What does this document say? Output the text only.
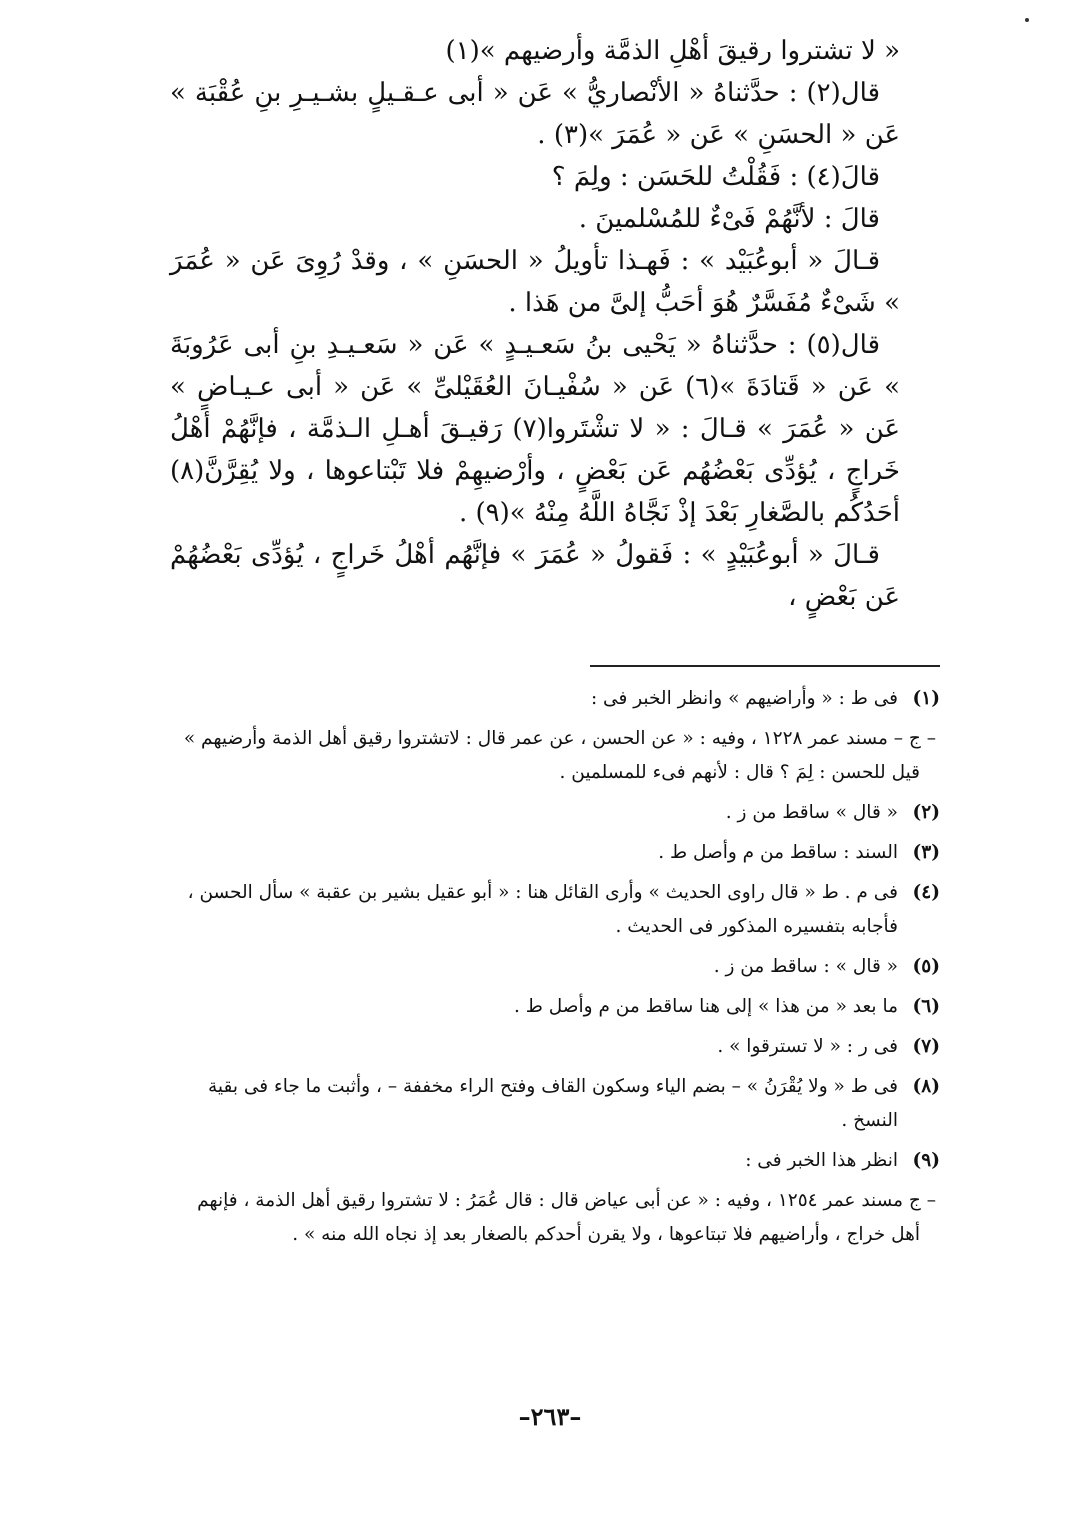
« لا تشتروا رقيقَ أهْلِ الذمَّة وأرضيهم »(١)

قال(٢) : حدَّثناهُ « الأنْصاريُّ » عَن « أبى عـقـيلٍ بشـيـرِ بنِ عُقْبَة » عَن « الحسَنِ » عَن « عُمَرَ »(٣) .

قالَ(٤) : فَقُلْتُ للحَسَن : ولِمَ ؟

قالَ : لأنَّهُمْ فَىْءٌ للمُسْلمينَ .

قـالَ « أبوعُبَيْد » : فَهـذا تأويلُ « الحسَنِ » ، وقدْ رُوِىَ عَن « عُمَرَ » شَىْءٌ مُفَسَّرٌ هُوَ أحَبُّ إلىَّ من هَذا .

قال(٥) : حدَّثناهُ « يَحْيى بنُ سَعـيـدٍ » عَن « سَعـيـدِ بنِ أبى عَرُوبَةَ » عَن « قَتادَةَ »(٦) عَن « سُفْيـانَ العُقَيْلىِّ » عَن « أبى عـيـاضٍ » عَن « عُمَرَ » قـالَ : « لا تشْتَروا(٧) رَقيـقَ أهـلِ الـذمَّة ، فإنَّهُمْ أهْلُ خَراجٍ ، يُؤدِّى بَعْضُهُم عَن بَعْضٍ ، وأرْضيهِمْ فلا تَبْتاعوها ، ولا يُقِرَّنَّ(٨) أحَدُكُم بالصَّغارِ بَعْدَ إذْ نَجَّاهُ اللَّهُ مِنْهُ »(٩) .

قـالَ « أبوعُبَيْدٍ » : فَقولُ « عُمَرَ » فإنَّهُم أهْلُ خَراجٍ ، يُؤدِّى بَعْضُهُمْ عَن بَعْضٍ ،

(١)فى ط : « وأراضيهم » وانظر الخبر فى :

– ج – مسند عمر ١٢٢٨ ، وفيه : « عن الحسن ، عن عمر قال : لاتشتروا رقيق أهل الذمة وأرضيهم » قيل للحسن : لِمَ ؟ قال : لأنهم فىء للمسلمين .

(٢)« قال » ساقط من ز .

(٣)السند : ساقط من م وأصل ط .

(٤)فى م . ط « قال راوى الحديث » وأرى القائل هنا : « أبو عقيل بشير بن عقبة » سأل الحسن ، فأجابه بتفسيره المذكور فى الحديث .

(٥)« قال » : ساقط من ز .

(٦)ما بعد « من هذا » إلى هنا ساقط من م وأصل ط .

(٧)فى ر : « لا تسترقوا » .

(٨)فى ط « ولا يُقْرَنُ » – بضم الياء وسكون القاف وفتح الراء مخففة – ، وأثبت ما جاء فى بقية النسخ .

(٩)انظر هذا الخبر فى :

– ج مسند عمر ١٢٥٤ ، وفيه : « عن أبى عياض قال : قال عُمَرُ : لا تشتروا رقيق أهل الذمة ، فإنهم أهل خراج ، وأراضيهم فلا تبتاعوها ، ولا يقرن أحدكم بالصغار بعد إذ نجاه الله منه » .

–٢٦٣–
